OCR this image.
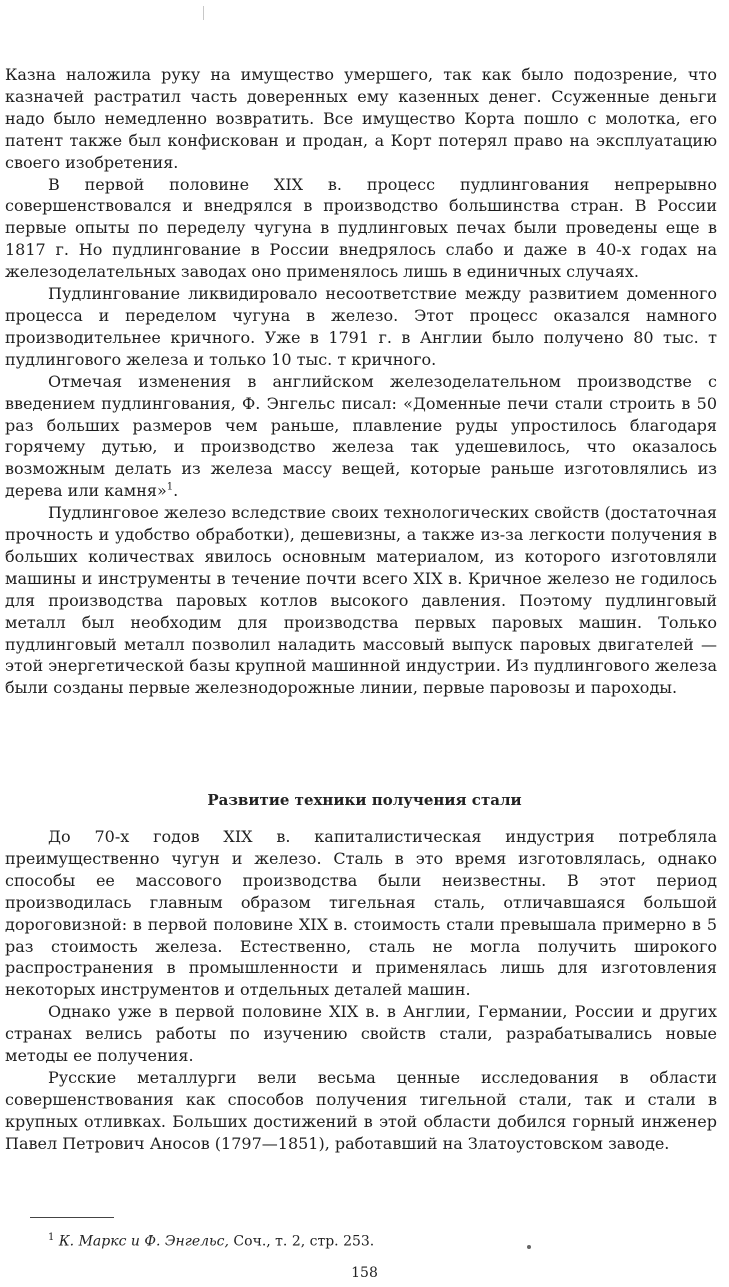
Казна наложила руку на имущество умершего, так как было подозрение, что казначей растратил часть доверенных ему казенных денег. Ссуженные деньги надо было немедленно возвратить. Все имущество Корта пошло с молотка, его патент также был конфискован и продан, а Корт потерял право на эксплуатацию своего изобретения.

В первой половине XIX в. процесс пудлингования непрерывно совершенствовался и внедрялся в производство большинства стран. В России первые опыты по переделу чугуна в пудлинговых печах были проведены еще в 1817 г. Но пудлингование в России внедрялось слабо и даже в 40-х годах на железоделательных заводах оно применялось лишь в единичных случаях.

Пудлингование ликвидировало несоответствие между развитием доменного процесса и переделом чугуна в железо. Этот процесс оказался намного производительнее кричного. Уже в 1791 г. в Англии было получено 80 тыс. т пудлингового железа и только 10 тыс. т кричного.

Отмечая изменения в английском железоделательном производстве с введением пудлингования, Ф. Энгельс писал: «Доменные печи стали строить в 50 раз больших размеров чем раньше, плавление руды упростилось благодаря горячему дутью, и производство железа так удешевилось, что оказалось возможным делать из железа массу вещей, которые раньше изготовлялись из дерева или камня»$^1$.

Пудлинговое железо вследствие своих технологических свойств (достаточная прочность и удобство обработки), дешевизны, а также из-за легкости получения в больших количествах явилось основным материалом, из которого изготовляли машины и инструменты в течение почти всего XIX в. Кричное железо не годилось для производства паровых котлов высокого давления. Поэтому пудлинговый металл был необходим для производства первых паровых машин. Только пудлинговый металл позволил наладить массовый выпуск паровых двигателей — этой энергетической базы крупной машинной индустрии. Из пудлингового железа были созданы первые железнодорожные линии, первые паровозы и пароходы.

Развитие техники получения стали

До 70-х годов XIX в. капиталистическая индустрия потребляла преимущественно чугун и железо. Сталь в это время изготовлялась, однако способы ее массового производства были неизвестны. В этот период производилась главным образом тигельная сталь, отличавшаяся большой дороговизной: в первой половине XIX в. стоимость стали превышала примерно в 5 раз стоимость железа. Естественно, сталь не могла получить широкого распространения в промышленности и применялась лишь для изготовления некоторых инструментов и отдельных деталей машин.

Однако уже в первой половине XIX в. в Англии, Германии, России и других странах велись работы по изучению свойств стали, разрабатывались новые методы ее получения.

Русские металлурги вели весьма ценные исследования в области совершенствования как способов получения тигельной стали, так и стали в крупных отливках. Больших достижений в этой области добился горный инженер Павел Петрович Аносов (1797—1851), работавший на Златоустовском заводе.

$^1$ К. Маркс и Ф. Энгельс, Соч., т. 2, стр. 253.

158
